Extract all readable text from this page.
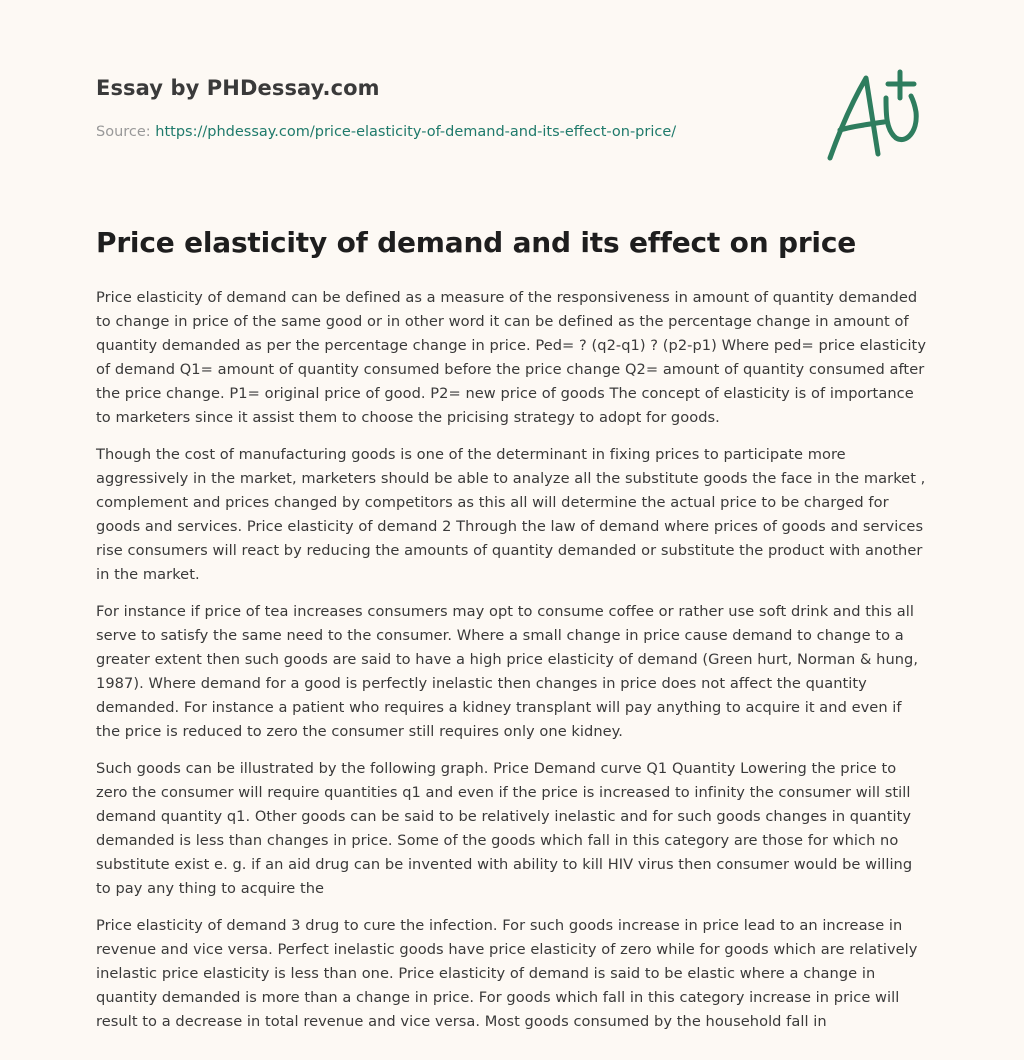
Essay by PHDessay.com
Source: https://phdessay.com/price-elasticity-of-demand-and-its-effect-on-price/
Price elasticity of demand and its effect on price

Price elasticity of demand can be defined as a measure of the responsiveness in amount of quantity demanded to change in price of the same good or in other word it can be defined as the percentage change in amount of quantity demanded as per the percentage change in price. Ped= ? (q2-q1) ? (p2-p1) Where ped= price elasticity of demand Q1= amount of quantity consumed before the price change Q2= amount of quantity consumed after the price change. P1= original price of good. P2= new price of goods The concept of elasticity is of importance to marketers since it assist them to choose the pricising strategy to adopt for goods.

Though the cost of manufacturing goods is one of the determinant in fixing prices to participate more aggressively in the market, marketers should be able to analyze all the substitute goods the face in the market , complement and prices changed by competitors as this all will determine the actual price to be charged for goods and services. Price elasticity of demand 2 Through the law of demand where prices of goods and services rise consumers will react by reducing the amounts of quantity demanded or substitute the product with another in the market.

For instance if price of tea increases consumers may opt to consume coffee or rather use soft drink and this all serve to satisfy the same need to the consumer. Where a small change in price cause demand to change to a greater extent then such goods are said to have a high price elasticity of demand (Green hurt, Norman & hung, 1987). Where demand for a good is perfectly inelastic then changes in price does not affect the quantity demanded. For instance a patient who requires a kidney transplant will pay anything to acquire it and even if the price is reduced to zero the consumer still requires only one kidney.

Such goods can be illustrated by the following graph. Price Demand curve Q1 Quantity Lowering the price to zero the consumer will require quantities q1 and even if the price is increased to infinity the consumer will still demand quantity q1. Other goods can be said to be relatively inelastic and for such goods changes in quantity demanded is less than changes in price. Some of the goods which fall in this category are those for which no substitute exist e. g. if an aid drug can be invented with ability to kill HIV virus then consumer would be willing to pay any thing to acquire the

Price elasticity of demand 3 drug to cure the infection. For such goods increase in price lead to an increase in revenue and vice versa. Perfect inelastic goods have price elasticity of zero while for goods which are relatively inelastic price elasticity is less than one. Price elasticity of demand is said to be elastic where a change in quantity demanded is more than a change in price. For goods which fall in this category increase in price will result to a decrease in total revenue and vice versa. Most goods consumed by the household fall in
